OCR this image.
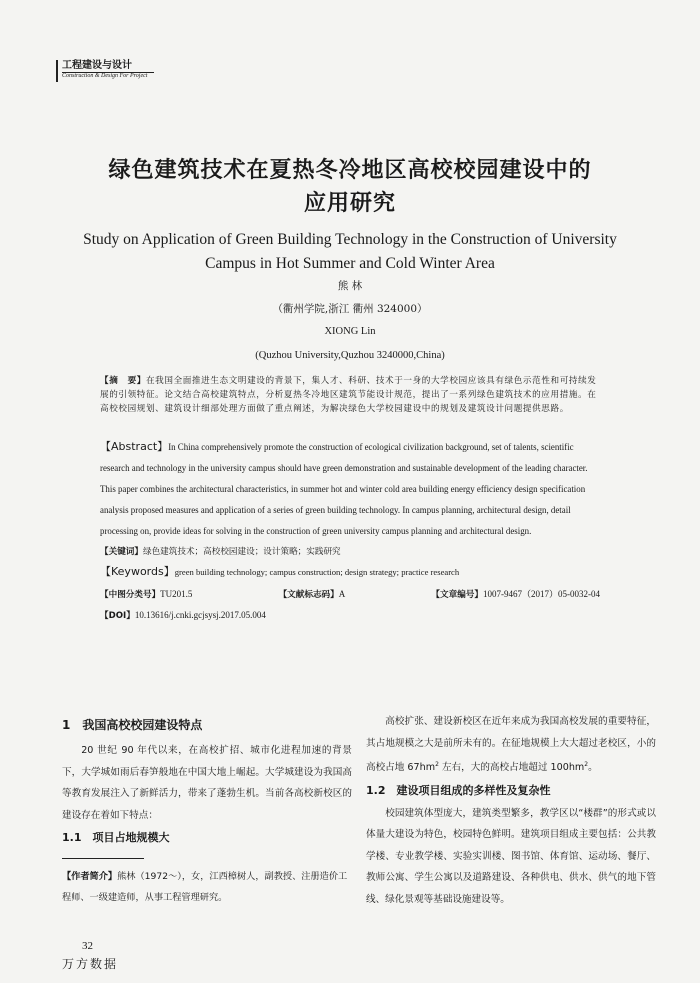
工程建设与设计
Construction & Design For Project
绿色建筑技术在夏热冬冷地区高校校园建设中的
应用研究
Study on Application of Green Building Technology in the Construction of University
Campus in Hot Summer and Cold Winter Area
熊 林
（衢州学院,浙江 衢州 324000）
XIONG Lin
(Quzhou University,Quzhou 3240000,China)
【摘　要】在我国全面推进生态文明建设的背景下，集人才、科研、技术于一身的大学校园应该具有绿色示范性和可持续发展的引领特征。论文结合高校建筑特点，分析夏热冬冷地区建筑节能设计规范，提出了一系列绿色建筑技术的应用措施。在高校校园规划、建筑设计细部处理方面做了重点阐述，为解决绿色大学校园建设中的规划及建筑设计问题提供思路。
【Abstract】In China comprehensively promote the construction of ecological civilization background, set of talents, scientific research and technology in the university campus should have green demonstration and sustainable development of the leading character. This paper combines the architectural characteristics, in summer hot and winter cold area building energy efficiency design specification analysis proposed measures and application of a series of green building technology. In campus planning, architectural design, detail processing on, provide ideas for solving in the construction of green university campus planning and architectural design.
【关键词】绿色建筑技术；高校校园建设；设计策略；实践研究
【Keywords】green building technology; campus construction; design strategy; practice research
【中图分类号】TU201.5	【文献标志码】A	【文章编号】1007-9467（2017）05-0032-04
【DOI】10.13616/j.cnki.gcjsysj.2017.05.004
1　我国高校校园建设特点
20 世纪 90 年代以来，在高校扩招、城市化进程加速的背景下，大学城如雨后春笋般地在中国大地上崛起。大学城建设为我国高等教育发展注入了新鲜活力，带来了蓬勃生机。当前各高校新校区的建设存在着如下特点：
1.1　项目占地规模大
高校扩张、建设新校区在近年来成为我国高校发展的重要特征，其占地规模之大是前所未有的。在征地规模上大大超过老校区，小的高校占地 $67hm^2$ 左右，大的高校占地超过 $100hm^2$。
1.2　建设项目组成的多样性及复杂性
校园建筑体型庞大，建筑类型繁多，教学区以“楼群”的形式或以体量大建设为特色，校园特色鲜明。建筑项目组成主要包括：公共教学楼、专业教学楼、实验实训楼、图书馆、体育馆、运动场、餐厅、教师公寓、学生公寓以及道路建设、各种供电、供水、供气的地下管线、绿化景观等基础设施建设等。
【作者简介】熊林（1972～），女，江西樟树人，副教授、注册造价工程师、一级建造师，从事工程管理研究。
32
万方数据
